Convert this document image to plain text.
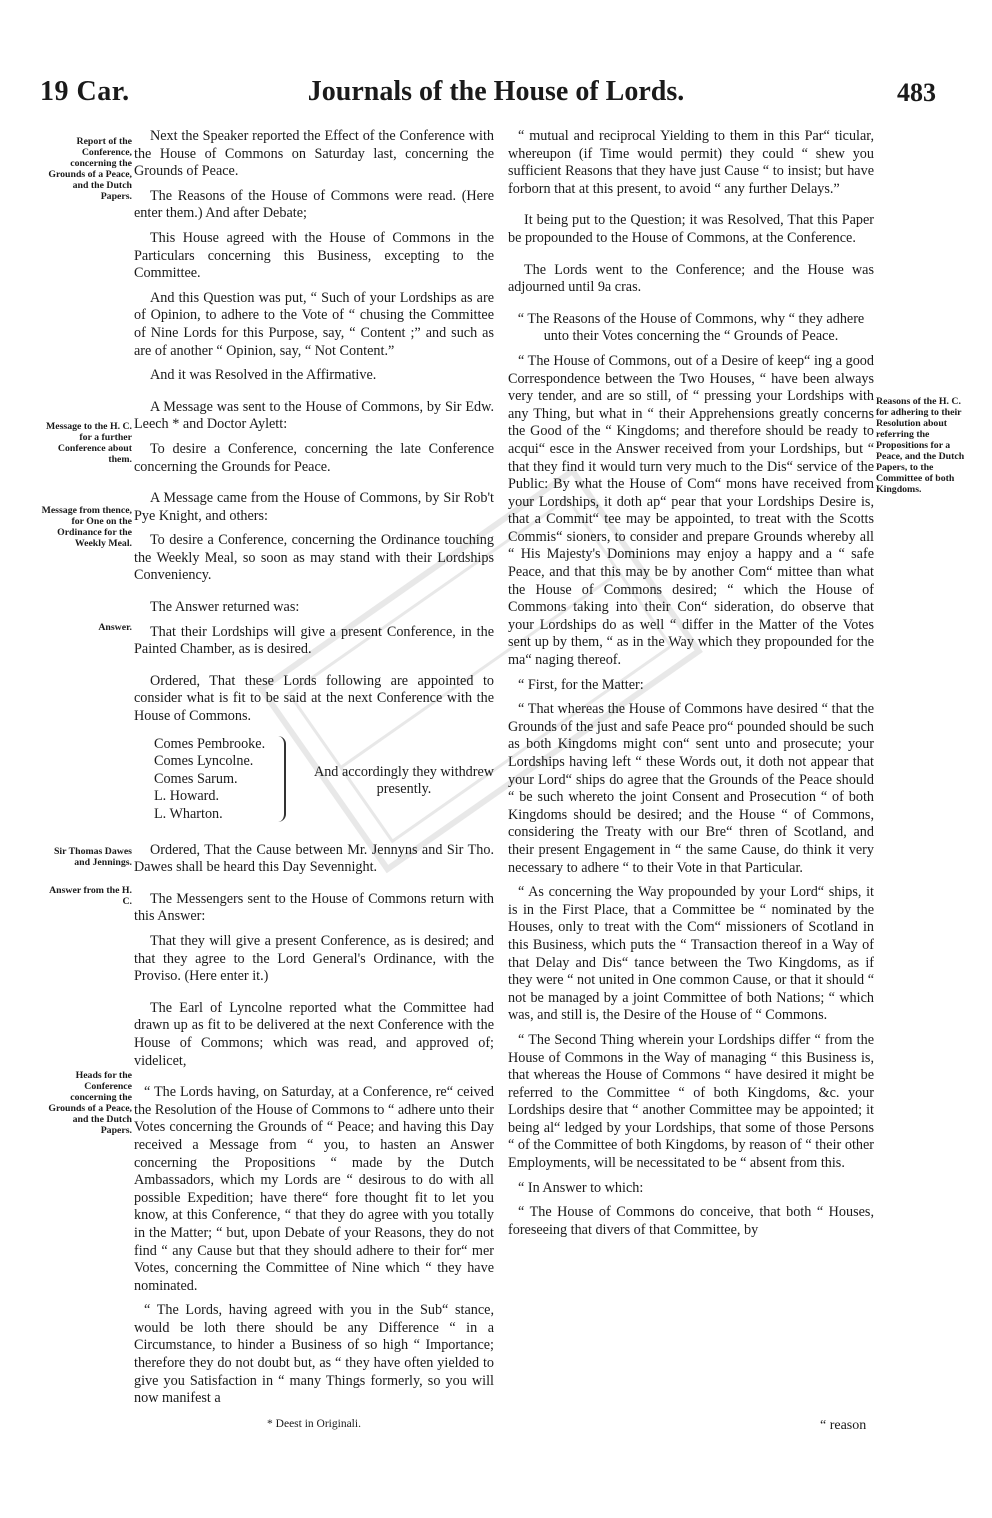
19 Car.	Journals of the House of Lords.	483
Report of the Conference, concerning the Grounds of a Peace, and the Dutch Papers.
Message to the H. C. for a further Conference about them.
Message from thence, for One on the Ordinance for the Weekly Meal.
Answer.
Sir Thomas Dawes and Jennings.
Answer from the H. C.
Heads for the Conference concerning the Grounds of a Peace, and the Dutch Papers.
Reasons of the H. C. for adhering to their Resolution about referring the Propositions for a Peace, and the Dutch Papers, to the Committee of both Kingdoms.

Next the Speaker reported the Effect of the Conference with the House of Commons on Saturday last, concerning the Grounds of Peace.

The Reasons of the House of Commons were read. (Here enter them.) And after Debate;

This House agreed with the House of Commons in the Particulars concerning this Business, excepting to the Committee.

And this Question was put, “ Such of your Lordships as are of Opinion, to adhere to the Vote of “ chusing the Committee of Nine Lords for this Purpose, say, “ Content ;” and such as are of another “ Opinion, say, “ Not Content.”

And it was Resolved in the Affirmative.

A Message was sent to the House of Commons, by Sir Edw. Leech * and Doctor Aylett:

To desire a Conference, concerning the late Conference concerning the Grounds for Peace.

A Message came from the House of Commons, by Sir Rob't Pye Knight, and others:

To desire a Conference, concerning the Ordinance touching the Weekly Meal, so soon as may stand with their Lordships Conveniency.

The Answer returned was:

That their Lordships will give a present Conference, in the Painted Chamber, as is desired.

Ordered, That these Lords following are appointed to consider what is fit to be said at the next Conference with the House of Commons.

Comes Pembrooke.
Comes Lyncolne.
Comes Sarum.
L. Howard.
L. Wharton.
And accordingly they withdrew presently.

Ordered, That the Cause between Mr. Jennyns and Sir Tho. Dawes shall be heard this Day Sevennight.

The Messengers sent to the House of Commons return with this Answer:

That they will give a present Conference, as is desired; and that they agree to the Lord General's Ordinance, with the Proviso. (Here enter it.)

The Earl of Lyncolne reported what the Committee had drawn up as fit to be delivered at the next Conference with the House of Commons; which was read, and approved of; videlicet,

“ The Lords having, on Saturday, at a Conference, re“ ceived the Resolution of the House of Commons to “ adhere unto their Votes concerning the Grounds of “ Peace; and having this Day received a Message from “ you, to hasten an Answer concerning the Propositions “ made by the Dutch Ambassadors, which my Lords are “ desirous to do with all possible Expedition; have there“ fore thought fit to let you know, at this Conference, “ that they do agree with you totally in the Matter; “ but, upon Debate of your Reasons, they do not find “ any Cause but that they should adhere to their for“ mer Votes, concerning the Committee of Nine which “ they have nominated.

“ The Lords, having agreed with you in the Sub“ stance, would be loth there should be any Difference “ in a Circumstance, to hinder a Business of so high “ Importance; therefore they do not doubt but, as “ they have often yielded to give you Satisfaction in “ many Things formerly, so you will now manifest a

“ mutual and reciprocal Yielding to them in this Par“ ticular, whereupon (if Time would permit) they could “ shew you sufficient Reasons that they have just Cause “ to insist; but have forborn that at this present, to avoid “ any further Delays.”

It being put to the Question; it was Resolved, That this Paper be propounded to the House of Commons, at the Conference.

The Lords went to the Conference; and the House was adjourned until 9a cras.

“ The Reasons of the House of Commons, why “ they adhere unto their Votes concerning the “ Grounds of Peace.

“ The House of Commons, out of a Desire of keep“ ing a good Correspondence between the Two Houses, “ have been always very tender, and are so still, of “ pressing your Lordships with any Thing, but what in “ their Apprehensions greatly concerns the Good of the “ Kingdoms; and therefore should be ready to acqui“ esce in the Answer received from your Lordships, but “ that they find it would turn very much to the Dis“ service of the Public: By what the House of Com“ mons have received from your Lordships, it doth ap“ pear that your Lordships Desire is, that a Commit“ tee may be appointed, to treat with the Scotts Commis“ sioners, to consider and prepare Grounds whereby all “ His Majesty's Dominions may enjoy a happy and a “ safe Peace, and that this may be by another Com“ mittee than what the House of Commons desired; “ which the House of Commons taking into their Con“ sideration, do observe that your Lordships do as well “ differ in the Matter of the Votes sent up by them, “ as in the Way which they propounded for the ma“ naging thereof.

“ First, for the Matter:

“ That whereas the House of Commons have desired “ that the Grounds of the just and safe Peace pro“ pounded should be such as both Kingdoms might con“ sent unto and prosecute; your Lordships having left “ these Words out, it doth not appear that your Lord“ ships do agree that the Grounds of the Peace should “ be such whereto the joint Consent and Prosecution “ of both Kingdoms should be desired; and the House “ of Commons, considering the Treaty with our Bre“ thren of Scotland, and their present Engagement in “ the same Cause, do think it very necessary to adhere “ to their Vote in that Particular.

“ As concerning the Way propounded by your Lord“ ships, it is in the First Place, that a Committee be “ nominated by the Houses, only to treat with the Com“ missioners of Scotland in this Business, which puts the “ Transaction thereof in a Way of that Delay and Dis“ tance between the Two Kingdoms, as if they were “ not united in One common Cause, or that it should “ not be managed by a joint Committee of both Nations; “ which was, and still is, the Desire of the House of “ Commons.

“ The Second Thing wherein your Lordships differ “ from the House of Commons in the Way of managing “ this Business is, that whereas the House of Commons “ have desired it might be referred to the Committee “ of both Kingdoms, &c. your Lordships desire that “ another Committee may be appointed; it being al“ ledged by your Lordships, that some of those Persons “ of the Committee of both Kingdoms, by reason of “ their other Employments, will be necessitated to be “ absent from this.

“ In Answer to which:

“ The House of Commons do conceive, that both “ Houses, foreseeing that divers of that Committee, by

* Deest in Originali.	“ reason
